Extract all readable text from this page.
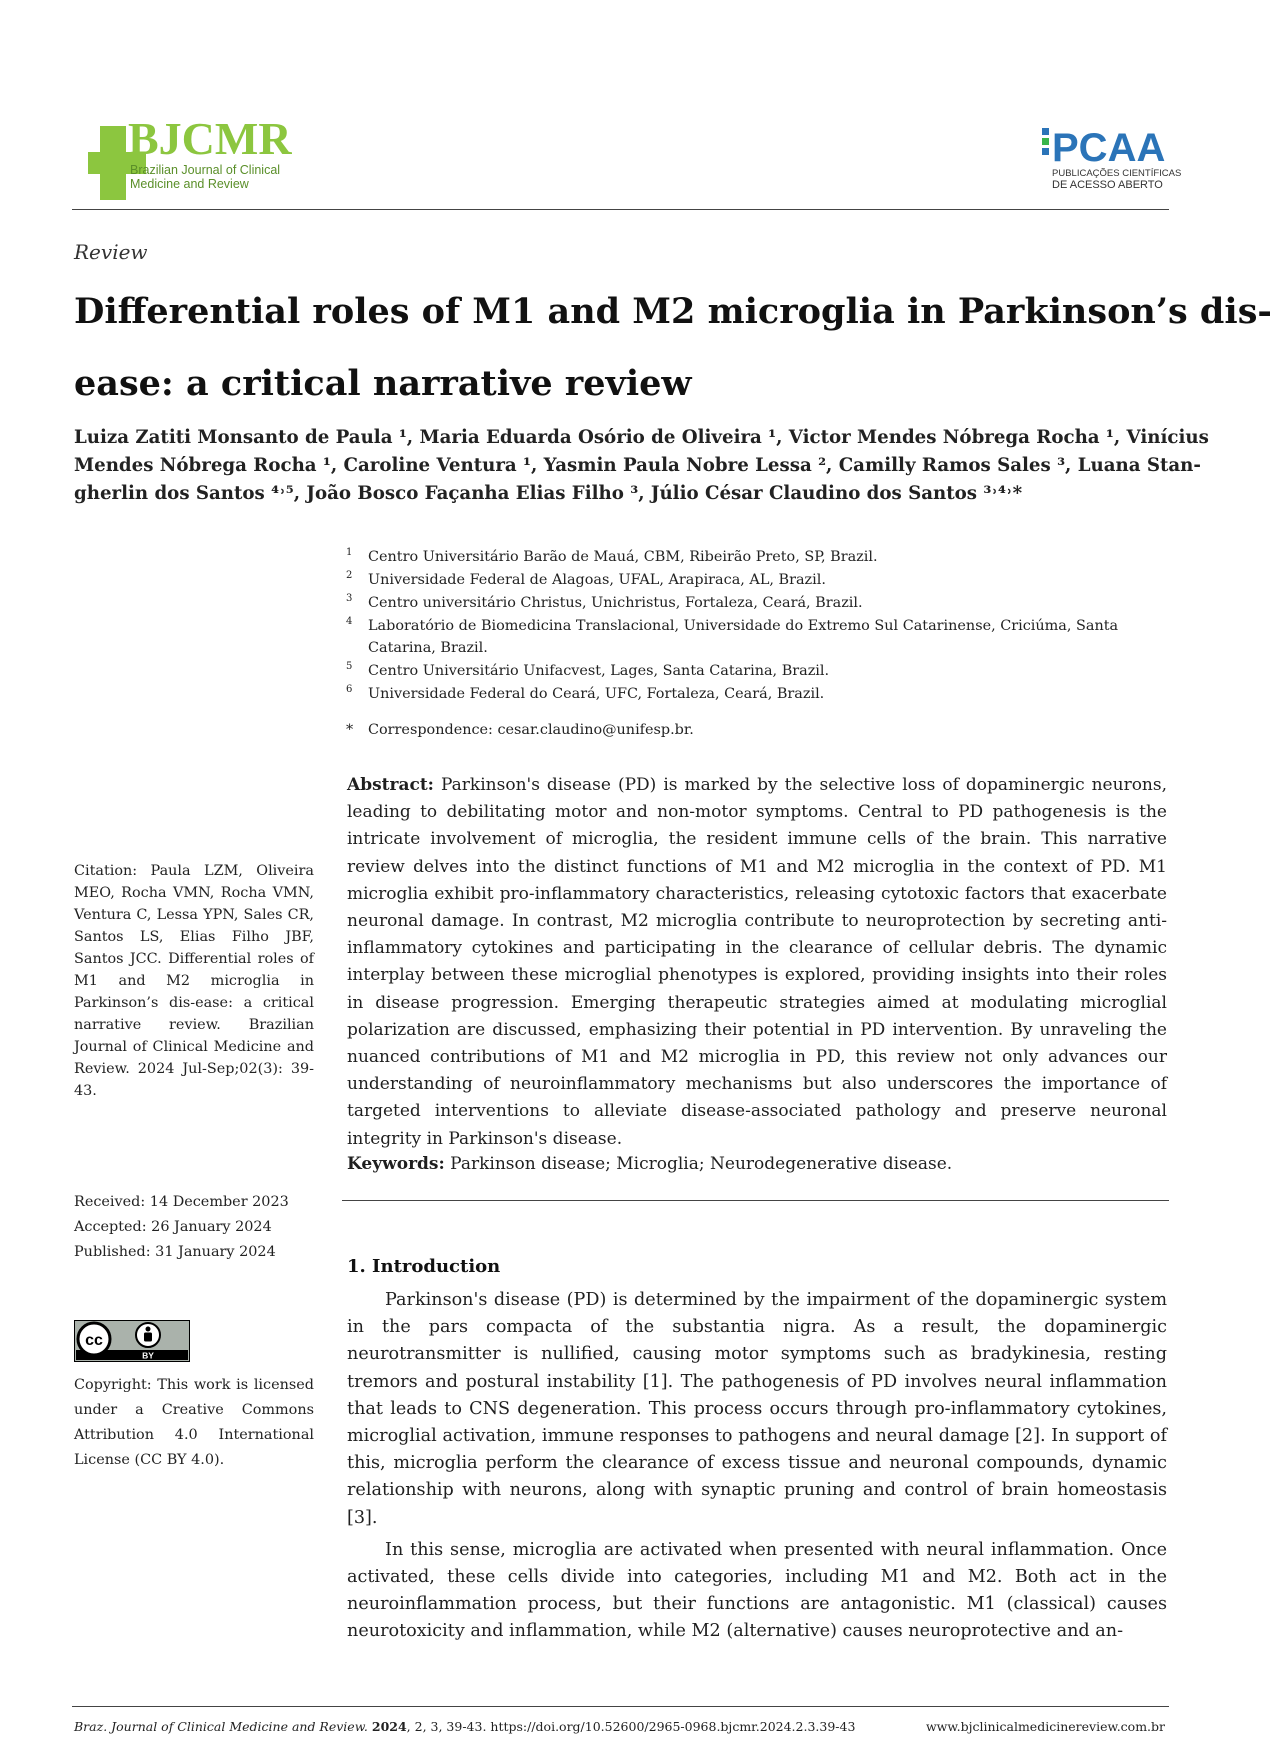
BJCMR
Brazilian Journal of Clinical
Medicine and Review
PCAA
PUBLICAÇÕES CIENTÍFICAS
DE ACESSO ABERTO
Review
Differential roles of M1 and M2 microglia in Parkinson’s dis-
ease: a critical narrative review
Luiza Zatiti Monsanto de Paula ¹, Maria Eduarda Osório de Oliveira ¹, Victor Mendes Nóbrega Rocha ¹, Vinícius
Mendes Nóbrega Rocha ¹, Caroline Ventura ¹, Yasmin Paula Nobre Lessa ², Camilly Ramos Sales ³, Luana Stan-
gherlin dos Santos ⁴˒⁵, João Bosco Façanha Elias Filho ³, Júlio César Claudino dos Santos ³˒⁴˒*
1 Centro Universitário Barão de Mauá, CBM, Ribeirão Preto, SP, Brazil.
2 Universidade Federal de Alagoas, UFAL, Arapiraca, AL, Brazil.
3 Centro universitário Christus, Unichristus, Fortaleza, Ceará, Brazil.
4 Laboratório de Biomedicina Translacional, Universidade do Extremo Sul Catarinense, Criciúma, Santa Catarina, Brazil.
5 Centro Universitário Unifacvest, Lages, Santa Catarina, Brazil.
6 Universidade Federal do Ceará, UFC, Fortaleza, Ceará, Brazil.
* Correspondence: cesar.claudino@unifesp.br.
Abstract: Parkinson's disease (PD) is marked by the selective loss of dopaminergic neurons, leading to debilitating motor and non-motor symptoms. Central to PD pathogenesis is the intricate involvement of microglia, the resident immune cells of the brain. This narrative review delves into the distinct functions of M1 and M2 microglia in the context of PD. M1 microglia exhibit pro-inflammatory characteristics, releasing cytotoxic factors that exacerbate neuronal damage. In contrast, M2 microglia contribute to neuroprotection by secreting anti-inflammatory cytokines and participating in the clearance of cellular debris. The dynamic interplay between these microglial phenotypes is explored, providing insights into their roles in disease progression. Emerging therapeutic strategies aimed at modulating microglial polarization are discussed, emphasizing their potential in PD intervention. By unraveling the nuanced contributions of M1 and M2 microglia in PD, this review not only advances our understanding of neuroinflammatory mechanisms but also underscores the importance of targeted interventions to alleviate disease-associated pathology and preserve neuronal integrity in Parkinson's disease.
Keywords: Parkinson disease; Microglia; Neurodegenerative disease.
Citation: Paula LZM, Oliveira MEO, Rocha VMN, Rocha VMN, Ventura C, Lessa YPN, Sales CR, Santos LS, Elias Filho JBF, Santos JCC. Differential roles of M1 and M2 microglia in Parkinson’s dis-ease: a critical narrative review. Brazilian Journal of Clinical Medicine and Review. 2024 Jul-Sep;02(3): 39-43.
Received: 14 December 2023
Accepted: 26 January 2024
Published: 31 January 2024
cc
BY
Copyright: This work is licensed under a Creative Commons Attribution 4.0 International License (CC BY 4.0).
1. Introduction

Parkinson's disease (PD) is determined by the impairment of the dopaminergic system in the pars compacta of the substantia nigra. As a result, the dopaminergic neurotransmitter is nullified, causing motor symptoms such as bradykinesia, resting tremors and postural instability [1]. The pathogenesis of PD involves neural inflammation that leads to CNS degeneration. This process occurs through pro-inflammatory cytokines, microglial activation, immune responses to pathogens and neural damage [2]. In support of this, microglia perform the clearance of excess tissue and neuronal compounds, dynamic relationship with neurons, along with synaptic pruning and control of brain homeostasis [3].

In this sense, microglia are activated when presented with neural inflammation. Once activated, these cells divide into categories, including M1 and M2. Both act in the neuroinflammation process, but their functions are antagonistic. M1 (classical) causes neurotoxicity and inflammation, while M2 (alternative) causes neuroprotective and an-

Braz. Journal of Clinical Medicine and Review. 2024, 2, 3, 39-43. https://doi.org/10.52600/2965-0968.bjcmr.2024.2.3.39-43	www.bjclinicalmedicinereview.com.br
